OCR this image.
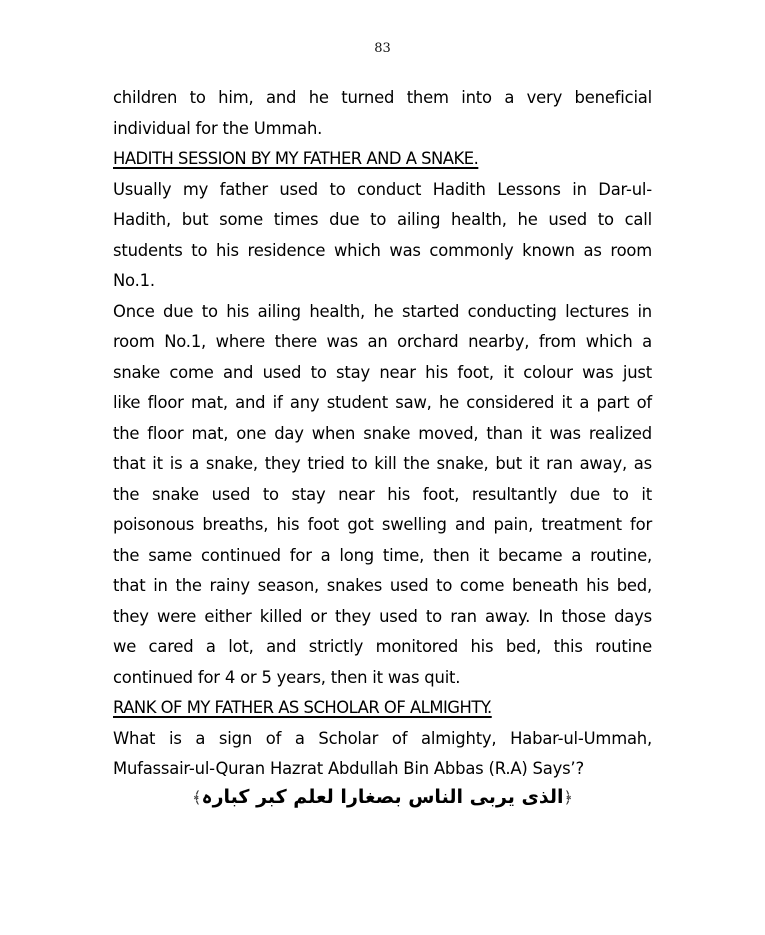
83
children to him, and he turned them into a very beneficial
individual for the Ummah.
HADITH SESSION BY MY FATHER AND A SNAKE.
Usually my father used to conduct Hadith Lessons in Dar-ul-
Hadith, but some times due to ailing health, he used to call
students to his residence which was commonly known as room
No.1.
Once due to his ailing health, he started conducting lectures in
room No.1, where there was an orchard nearby, from which a
snake come and used to stay near his foot, it colour was just
like floor mat, and if any student saw, he considered it a part of
the floor mat, one day when snake moved, than it was realized
that it is a snake, they tried to kill the snake, but it ran away, as
the snake used to stay near his foot, resultantly due to it
poisonous breaths, his foot got swelling and pain, treatment for
the same continued for a long time, then it became a routine,
that in the rainy season, snakes used to come beneath his bed,
they were either killed or they used to ran away. In those days
we cared a lot, and strictly monitored his bed, this routine
continued for 4 or 5 years, then it was quit.
RANK OF MY FATHER AS SCHOLAR OF ALMIGHTY.
What is a sign of a Scholar of almighty, Habar-ul-Ummah,
Mufassair-ul-Quran Hazrat Abdullah Bin Abbas (R.A) Says’?
﴿الذی یربی الناس بصغارا لعلم کبر کبارہ﴾
